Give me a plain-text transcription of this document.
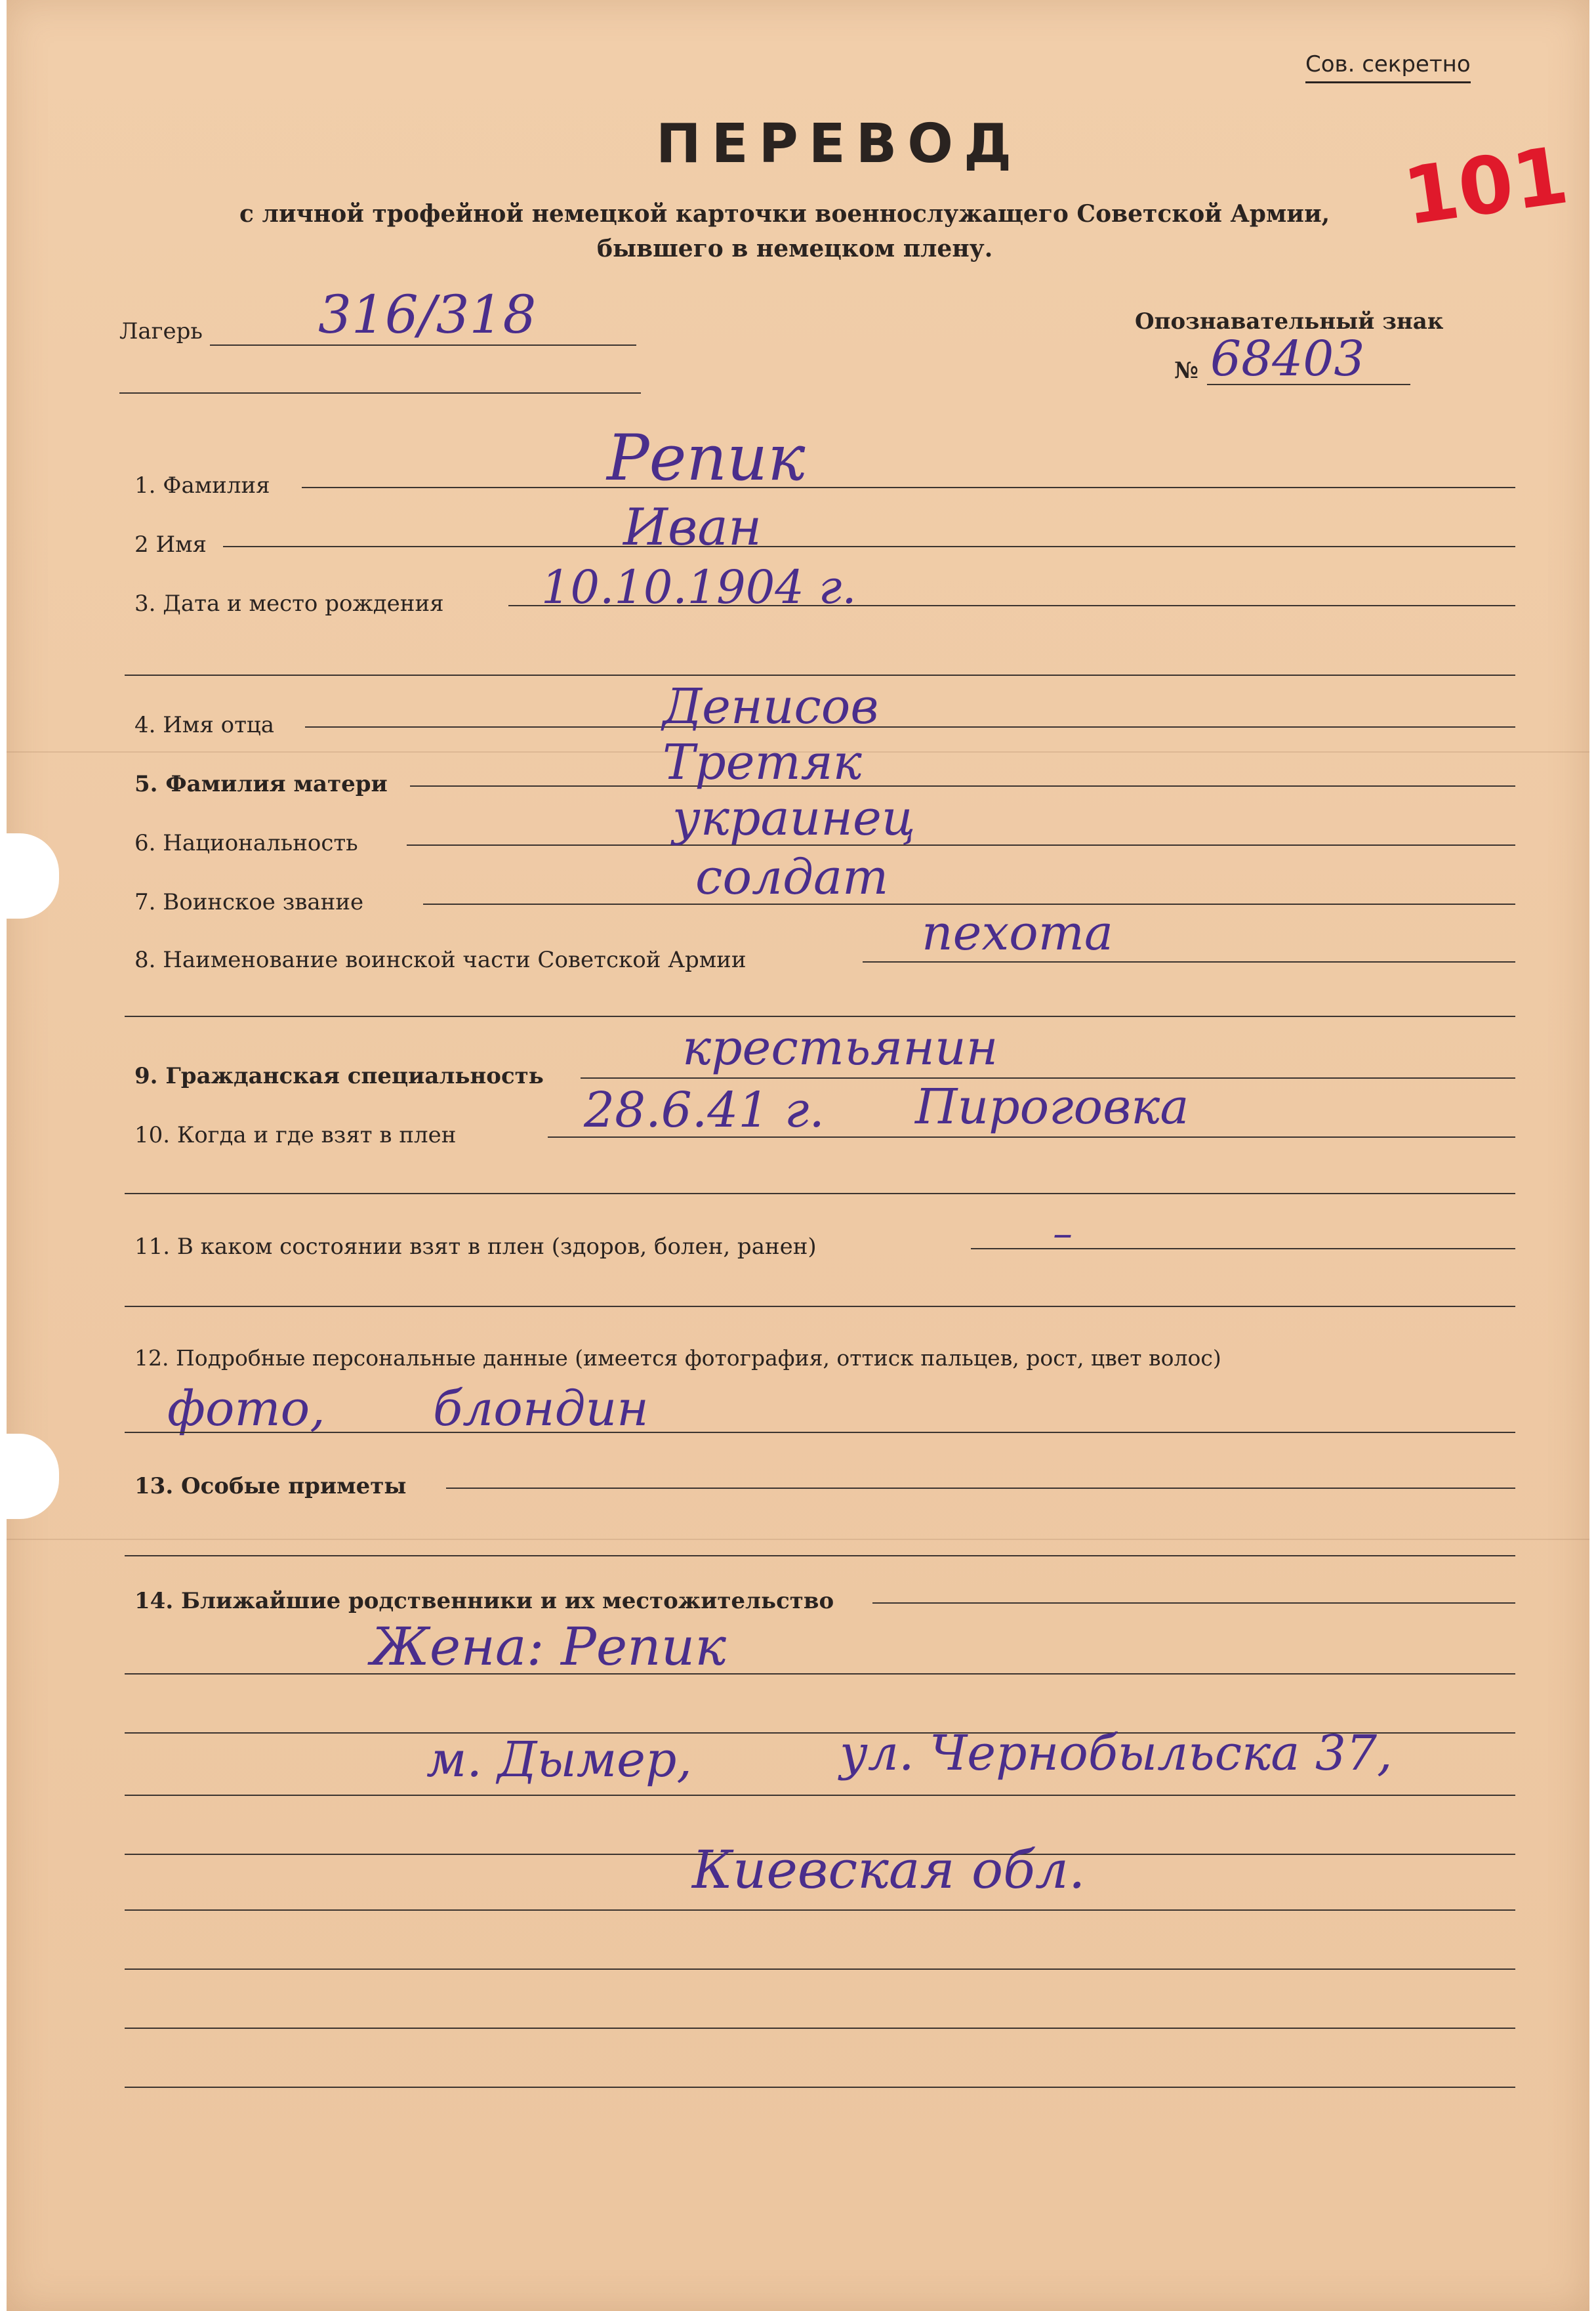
Сов. секретно
ПЕРЕВОД	101
с личной трофейной немецкой карточки военнослужащего Советской Армии,
бывшего в немецком плену.
Лагерь 316/318	Опознавательный знак
№ 68403
1. Фамилия	Репик
2 Имя	Иван
3. Дата и место рождения 10.10.1904 г.
4. Имя отца	Денисов
5. Фамилия матери	Третяк
6. Национальность	украинец
7. Воинское звание	солдат
8. Наименование воинской части Советской Армии	пехота
9. Гражданская специальность	крестьянин
10. Когда и где взят в плен	28.6.41 г. Пироговка
11. В каком состоянии взят в плен (здоров, болен, ранен)	–
12. Подробные персональные данные (имеется фотография, оттиск пальцев, рост, цвет волос)
фото, блондин
13. Особые приметы
14. Ближайшие родственники и их местожительство
Жена: Репик
м. Дымер,	ул. Чернобыльска 37,
Киевская обл.
